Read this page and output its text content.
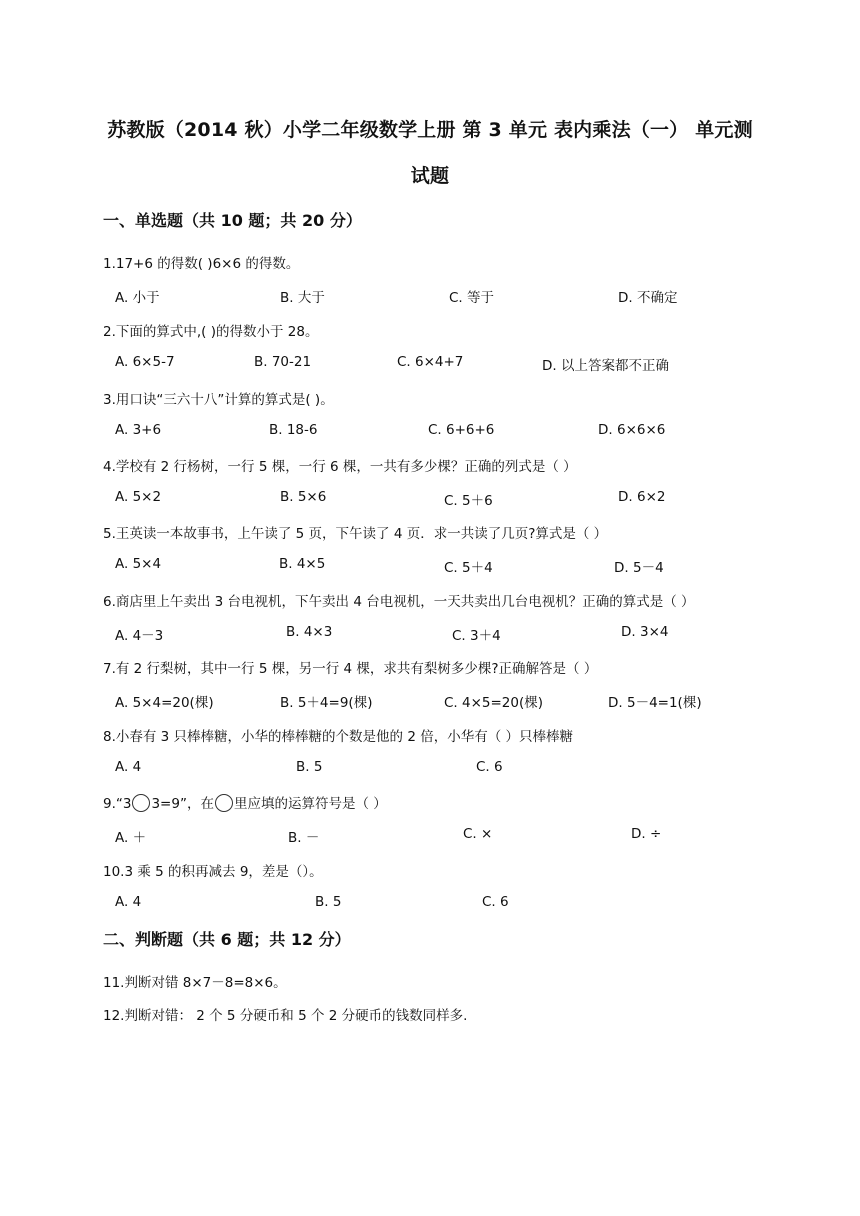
苏教版（2014 秋）小学二年级数学上册 第 3 单元 表内乘法（一） 单元测
试题
一、单选题（共 10 题；共 20 分）
1.17+6 的得数( )6×6 的得数。
A. 小于	B. 大于	C. 等于	D. 不确定
2.下面的算式中,( )的得数小于 28。
A. 6×5-7	B. 70-21	C. 6×4+7	D. 以上答案都不正确
3.用口诀“三六十八”计算的算式是( )。
A. 3+6	B. 18-6	C. 6+6+6	D. 6×6×6
4.学校有 2 行杨树，一行 5 棵，一行 6 棵，一共有多少棵？正确的列式是（ ）
A. 5×2	B. 5×6	C. 5＋6	D. 6×2
5.王英读一本故事书，上午读了 5 页，下午读了 4 页．求一共读了几页?算式是（ ）
A. 5×4	B. 4×5	C. 5＋4	D. 5－4
6.商店里上午卖出 3 台电视机，下午卖出 4 台电视机，一天共卖出几台电视机？正确的算式是（ ）
A. 4－3	B. 4×3	C. 3＋4	D. 3×4
7.有 2 行梨树，其中一行 5 棵，另一行 4 棵，求共有梨树多少棵?正确解答是（ ）
A. 5×4=20(棵)	B. 5＋4=9(棵)	C. 4×5=20(棵)	D. 5－4=1(棵)
8.小春有 3 只棒棒糖，小华的棒棒糖的个数是他的 2 倍，小华有（ ）只棒棒糖
A. 4	B. 5	C. 6
9.“3 3=9”，在 里应填的运算符号是（ ）
A. ＋	B. －	C. ×	D. ÷
10.3 乘 5 的积再减去 9，差是（）。
A. 4	B. 5	C. 6
二、判断题（共 6 题；共 12 分）
11.判断对错 8×7－8=8×6。
12.判断对错： 2 个 5 分硬币和 5 个 2 分硬币的钱数同样多.
